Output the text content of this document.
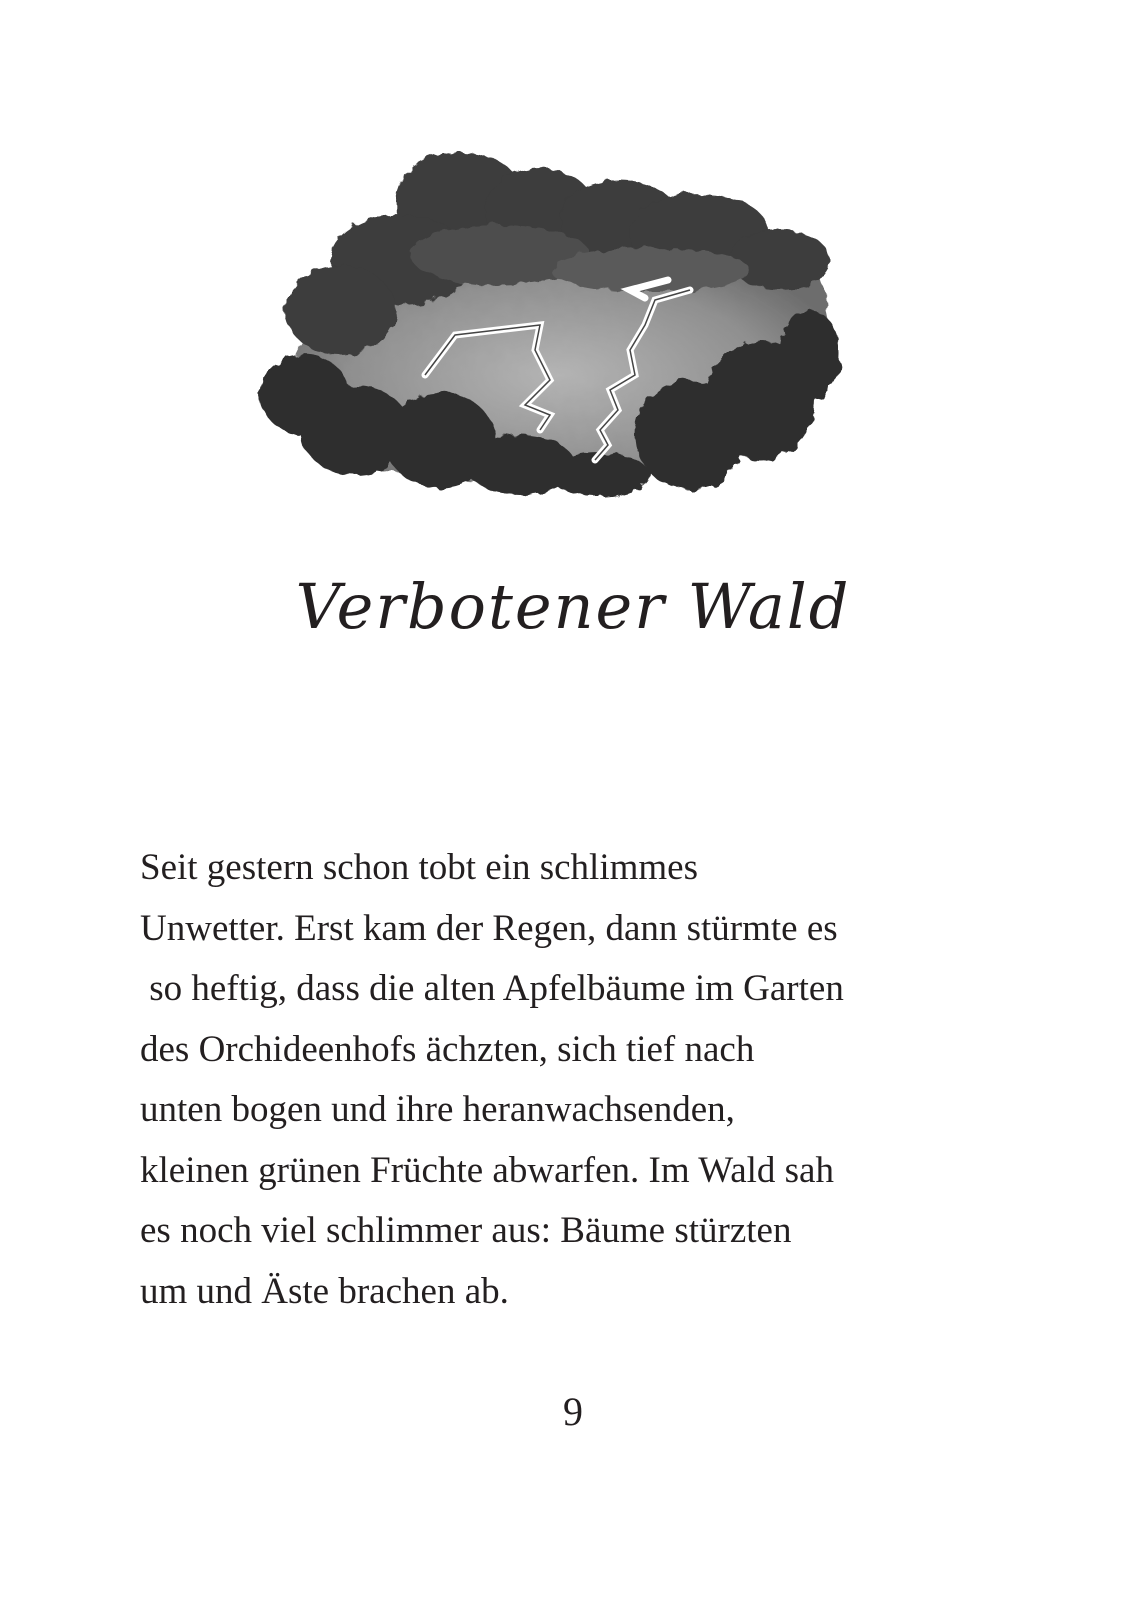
Verbotener Wald
Seit gestern schon tobt ein schlimmes
Unwetter. Erst kam der Regen, dann stürmte es
so heftig, dass die alten Apfelbäume im Garten
des Orchideenhofs ächzten, sich tief nach
unten bogen und ihre heranwachsenden,
kleinen grünen Früchte abwarfen. Im Wald sah
es noch viel schlimmer aus: Bäume stürzten
um und Äste brachen ab.
9
